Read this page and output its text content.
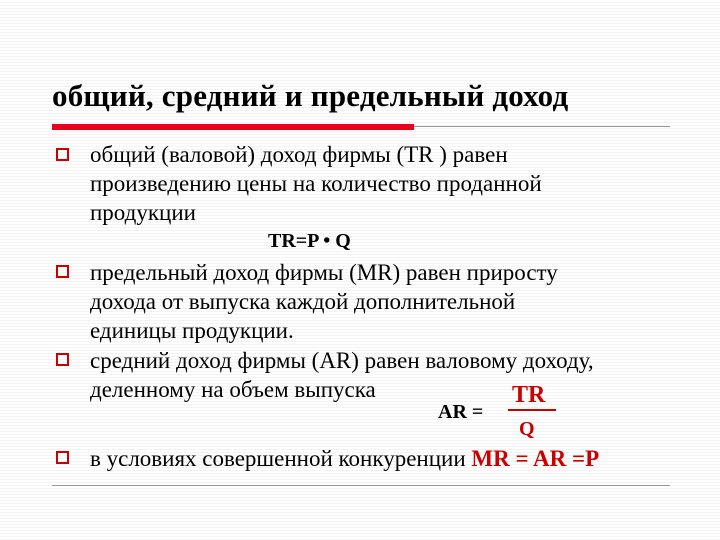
общий, средний и предельный доход
общий (валовой) доход фирмы (TR ) равен
произведению цены на количество проданной
продукции
TR=P • Q
предельный доход фирмы (MR) равен приросту
дохода от выпуска каждой дополнительной
единицы продукции.
средний доход фирмы (AR) равен валовому доходу,
деленному на объем выпуска
AR =
TR
Q
в условиях совершенной конкуренции MR = AR =P
